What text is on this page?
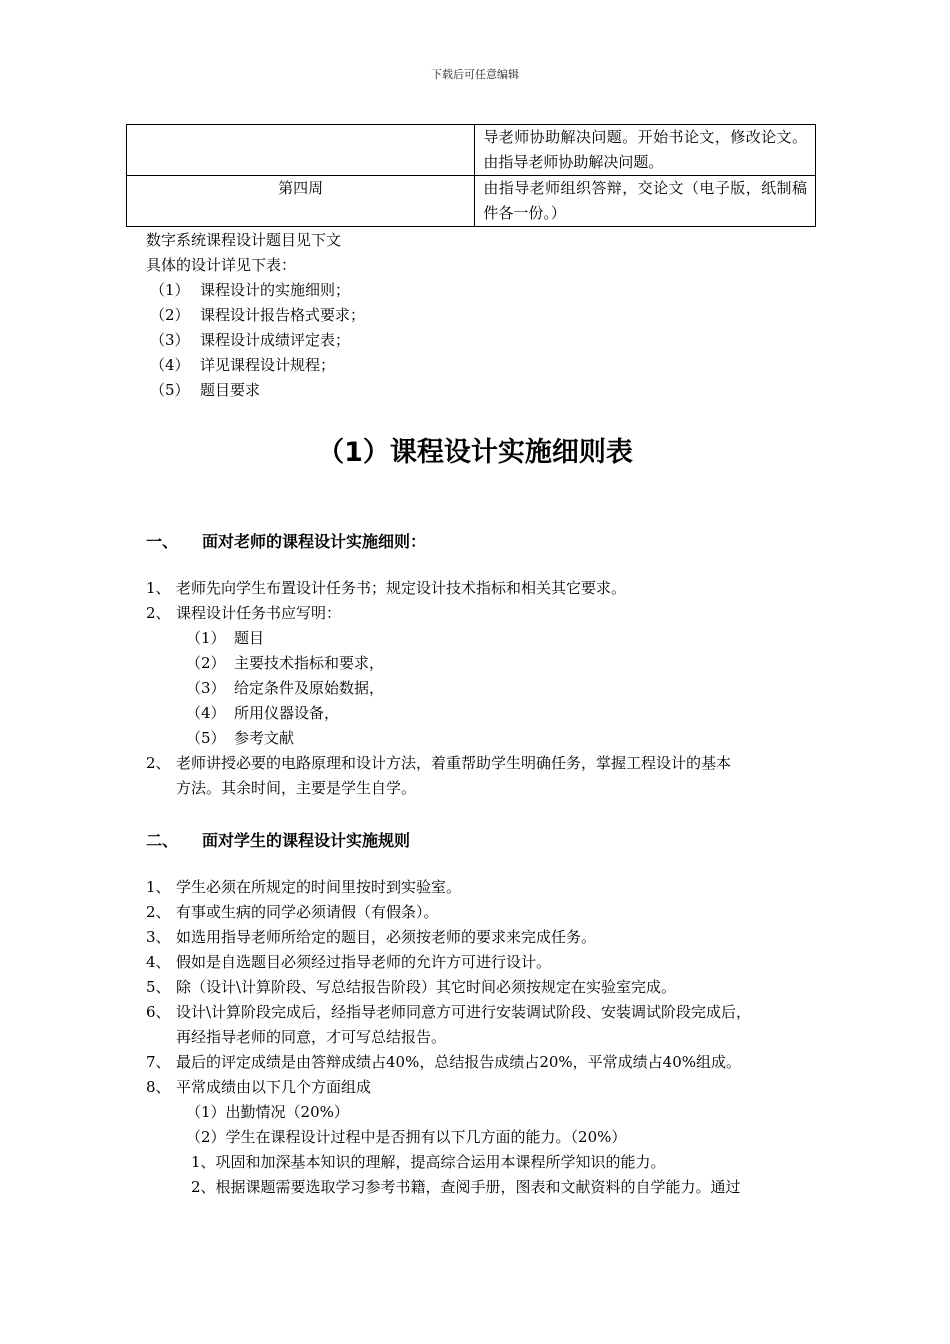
下载后可任意编辑
	导老师协助解决问题。开始书论文，修改论文。由指导老师协助解决问题。
第四周	由指导老师组织答辩，交论文（电子版，纸制稿件各一份。）
数字系统课程设计题目见下文
具体的设计详见下表：
（1） 课程设计的实施细则；
（2） 课程设计报告格式要求；
（3） 课程设计成绩评定表；
（4） 详见课程设计规程；
（5） 题目要求
（1）课程设计实施细则表
一、 面对老师的课程设计实施细则：
1、 老师先向学生布置设计任务书；规定设计技术指标和相关其它要求。
2、 课程设计任务书应写明：
（1） 题目
（2） 主要技术指标和要求，
（3） 给定条件及原始数据，
（4） 所用仪器设备，
（5） 参考文献
2、 老师讲授必要的电路原理和设计方法，着重帮助学生明确任务，掌握工程设计的基本
方法。其余时间，主要是学生自学。
二、 面对学生的课程设计实施规则
1、 学生必须在所规定的时间里按时到实验室。
2、 有事或生病的同学必须请假（有假条）。
3、 如选用指导老师所给定的题目，必须按老师的要求来完成任务。
4、 假如是自选题目必须经过指导老师的允许方可进行设计。
5、 除（设计\计算阶段、写总结报告阶段）其它时间必须按规定在实验室完成。
6、 设计\计算阶段完成后，经指导老师同意方可进行安装调试阶段、安装调试阶段完成后，
再经指导老师的同意，才可写总结报告。
7、 最后的评定成绩是由答辩成绩占40%，总结报告成绩占20%，平常成绩占40%组成。
8、 平常成绩由以下几个方面组成
（1）出勤情况（20%）
（2）学生在课程设计过程中是否拥有以下几方面的能力。（20%）
1、巩固和加深基本知识的理解，提高综合运用本课程所学知识的能力。
2、根据课题需要选取学习参考书籍，查阅手册，图表和文献资料的自学能力。通过
